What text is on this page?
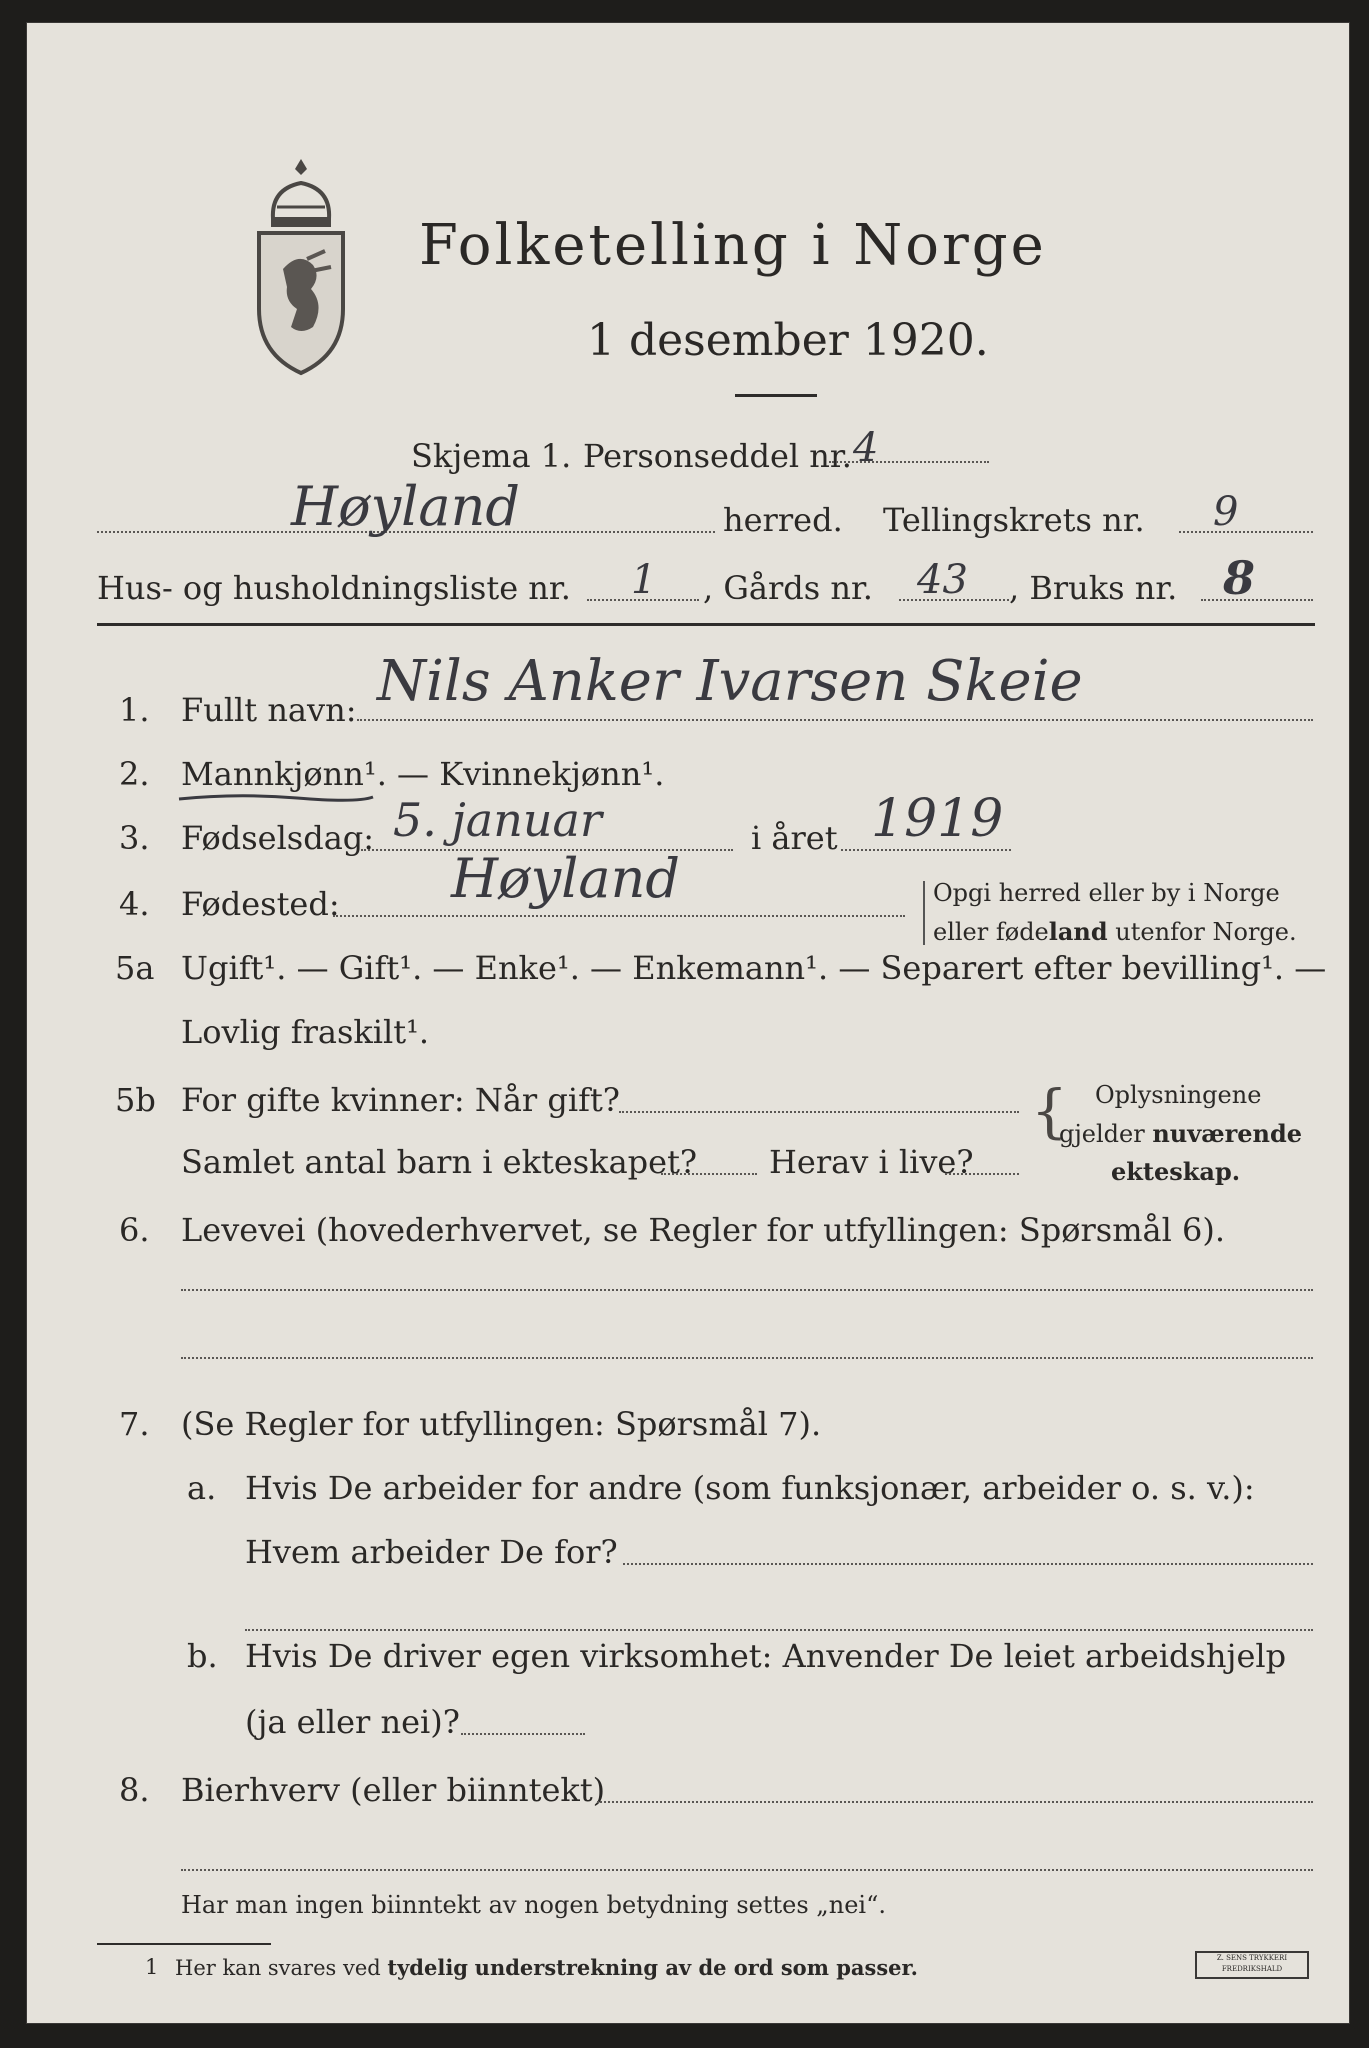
Folketelling i Norge
1 desember 1920.
Skjema 1. Personseddel nr. 4
Høyland	herred. Tellingskrets nr. 9
Hus- og husholdningsliste nr. 1 , Gårds nr. 43 , Bruks nr. 8
1. Fullt navn: Nils Anker Ivarsen Skeie
2. Mannkjønn¹. — Kvinnekjønn¹.
3. Fødselsdag: 5. januar	i året 1919
4. Fødested: Høyland	Opgi herred eller by i Norge
eller fødeland utenfor Norge.
5a Ugift¹. — Gift¹. — Enke¹. — Enkemann¹. — Separert efter bevilling¹. —
Lovlig fraskilt¹.
5b For gifte kvinner: Når gift?
Samlet antal barn i ekteskapet? Herav i live?
{ Oplysningene
gjelder nuværende
ekteskap.
6. Levevei (hovederhvervet, se Regler for utfyllingen: Spørsmål 6).
7. (Se Regler for utfyllingen: Spørsmål 7).
a. Hvis De arbeider for andre (som funksjonær, arbeider o. s. v.):
Hvem arbeider De for?
b. Hvis De driver egen virksomhet: Anvender De leiet arbeidshjelp
(ja eller nei)?
8. Bierhverv (eller biinntekt)
Har man ingen biinntekt av nogen betydning settes „nei“.
1 Her kan svares ved tydelig understrekning av de ord som passer.	Z. SENS TRYKKERI FREDRIKSHALD
